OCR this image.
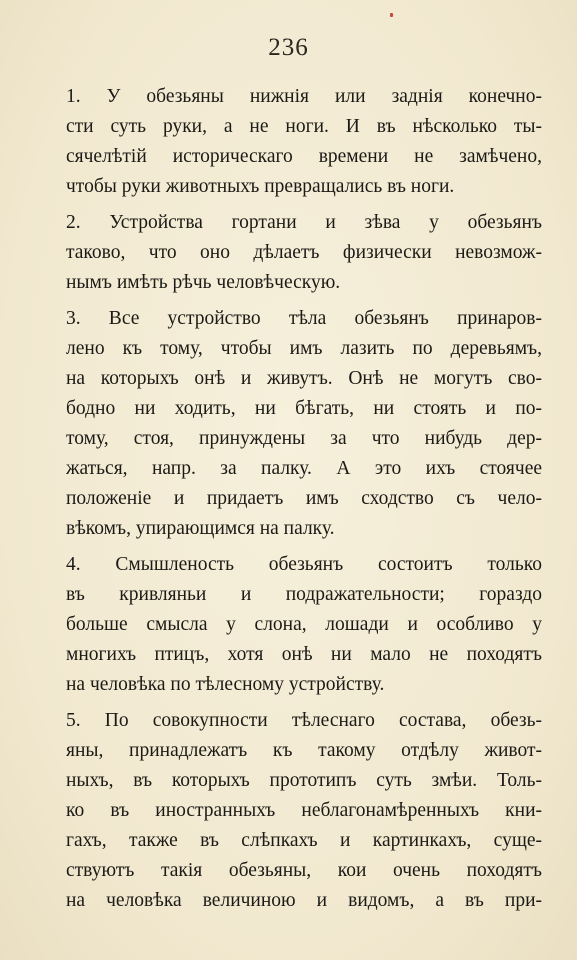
236
1. У обезьяны нижнія или заднія конечно-
сти суть руки, а не ноги. И въ нѣсколько ты-
сячелѣтій историческаго времени не замѣчено,
чтобы руки животныхъ превращались въ ноги.
2. Устройства гортани и зѣва у обезьянъ
таково, что оно дѣлаетъ физически невозмож-
нымъ имѣть рѣчь человѣческую.
3. Все устройство тѣла обезьянъ принаров-
лено къ тому, чтобы имъ лазить по деревьямъ,
на которыхъ онѣ и живутъ. Онѣ не могутъ сво-
бодно ни ходить, ни бѣгать, ни стоять и по-
тому, стоя, принуждены за что нибудь дер-
жаться, напр. за палку. А это ихъ стоячее
положеніе и придаетъ имъ сходство съ чело-
вѣкомъ, упирающимся на палку.
4. Смышленость обезьянъ состоитъ только
въ кривляньи и подражательности; гораздо
больше смысла у слона, лошади и особливо у
многихъ птицъ, хотя онѣ ни мало не походятъ
на человѣка по тѣлесному устройству.
5. По совокупности тѣлеснаго состава, обезь-
яны, принадлежатъ къ такому отдѣлу живот-
ныхъ, въ которыхъ прототипъ суть змѣи. Толь-
ко въ иностранныхъ неблагонамѣренныхъ кни-
гахъ, также въ слѣпкахъ и картинкахъ, суще-
ствуютъ такія обезьяны, кои очень походятъ
на человѣка величиною и видомъ, а въ при-
